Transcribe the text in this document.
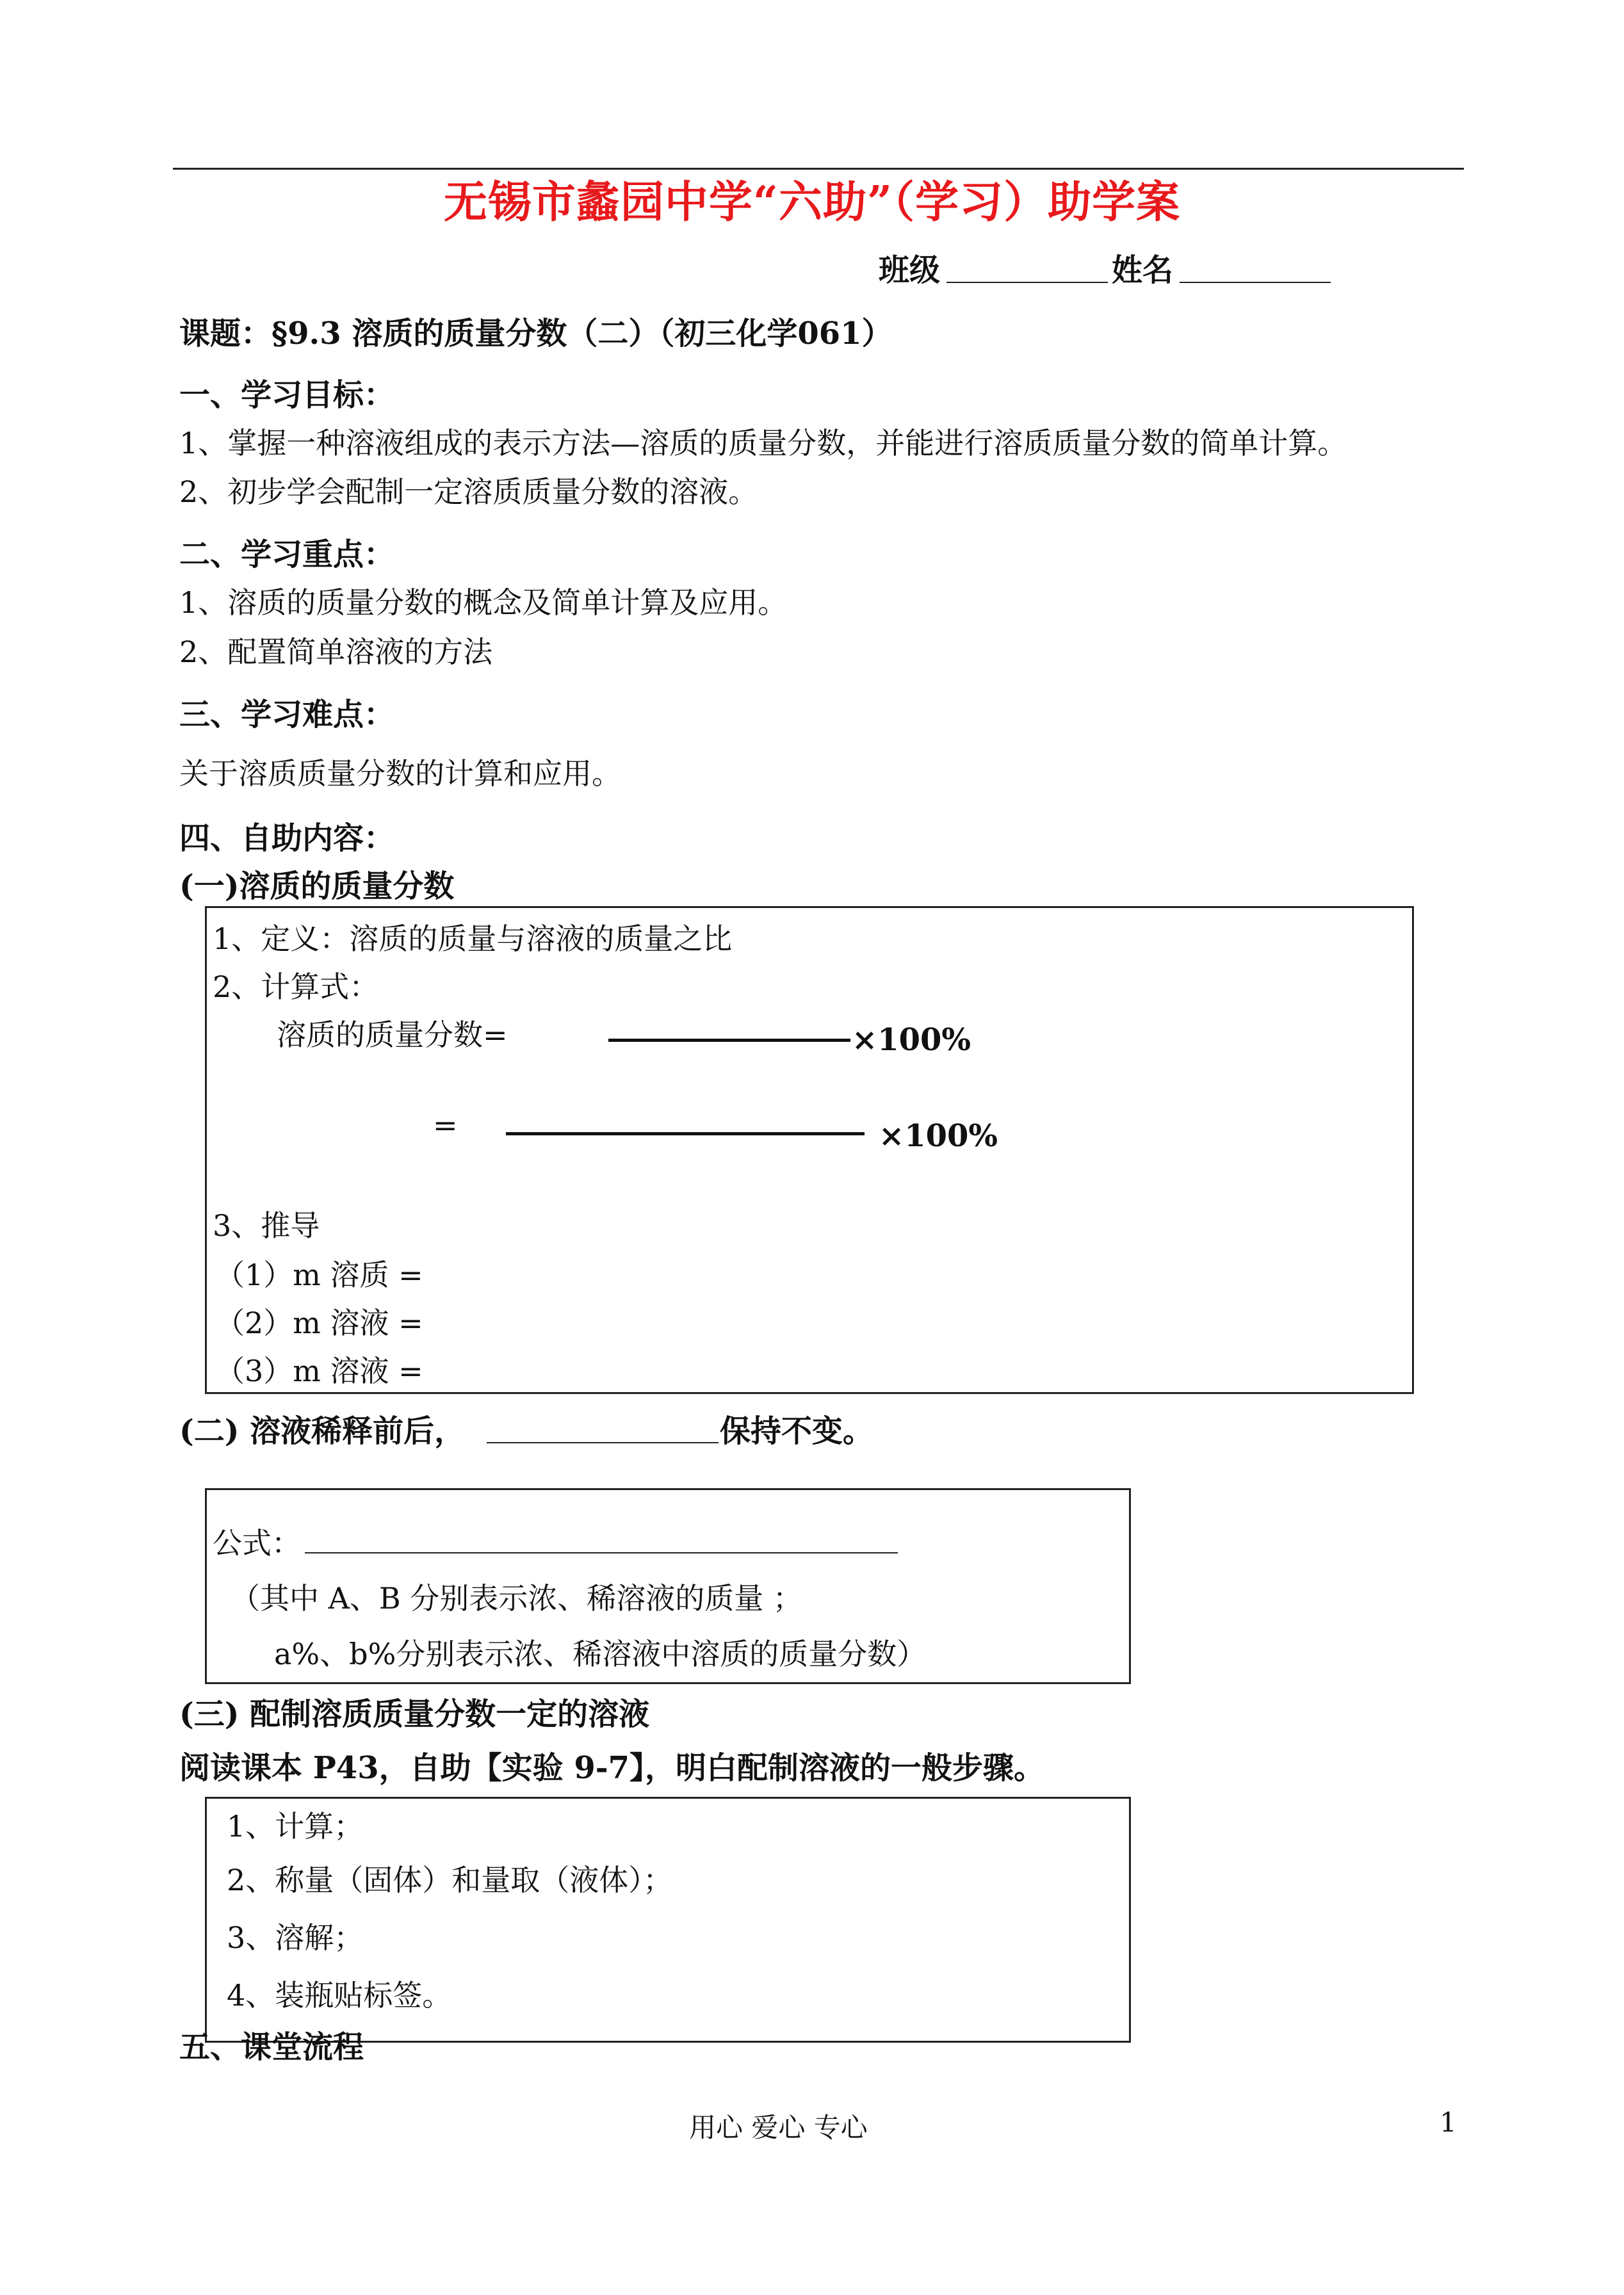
无锡市蠡园中学“六助”（学习）助学案
班级	姓名
课题：§9.3 溶质的质量分数（二）（初三化学061）
一、学习目标：
1、掌握一种溶液组成的表示方法—溶质的质量分数，并能进行溶质质量分数的简单计算。
2、初步学会配制一定溶质质量分数的溶液。
二、学习重点：
1、溶质的质量分数的概念及简单计算及应用。
2、配置简单溶液的方法
三、学习难点：
关于溶质质量分数的计算和应用。
四、自助内容：
(一)溶质的质量分数
1、定义：溶质的质量与溶液的质量之比
2、计算式：
溶质的质量分数=	×100%
=	×100%
3、推导
（1）m 溶质 =
（2）m 溶液 =
（3）m 溶液 =
(二) 溶液稀释前后，	保持不变。
公式：
（其中 A、B 分别表示浓、稀溶液的质量 ；
a%、b%分别表示浓、稀溶液中溶质的质量分数）
(三) 配制溶质质量分数一定的溶液
阅读课本 P43，自助【实验 9-7】，明白配制溶液的一般步骤。
1、计算；
2、称量（固体）和量取（液体）；
3、溶解；
4、装瓶贴标签。
五、课堂流程
用心 爱心 专心	1
